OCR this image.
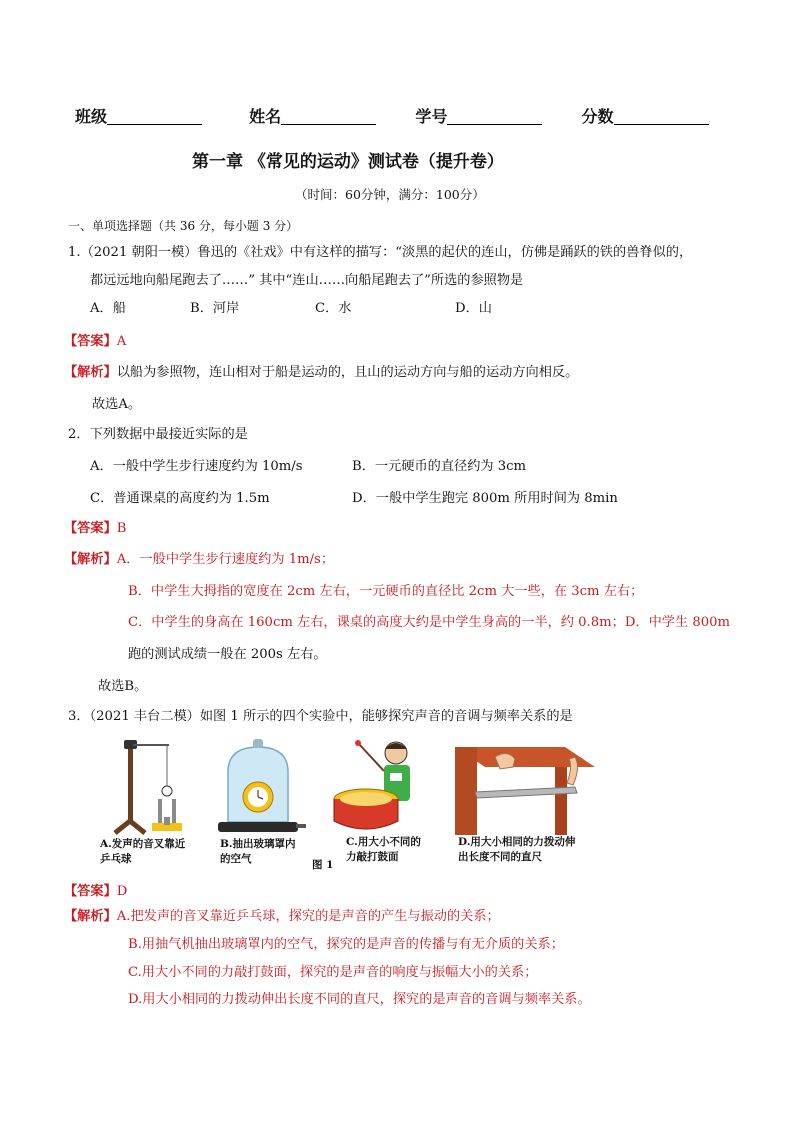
班级	姓名	学号	分数
第一章 《常见的运动》测试卷（提升卷）
（时间：60分钟，满分：100分）
一、单项选择题（共 36 分，每小题 3 分）
1.（2021 朝阳一模）鲁迅的《社戏》中有这样的描写：“淡黑的起伏的连山，仿佛是踊跃的铁的兽脊似的，
都远远地向船尾跑去了……” 其中“连山……向船尾跑去了”所选的参照物是
A．船	B．河岸	C．水	D．山
【答案】A
【解析】以船为参照物，连山相对于船是运动的，且山的运动方向与船的运动方向相反。
故选A。
2．下列数据中最接近实际的是
A．一般中学生步行速度约为 10m/s	B．一元硬币的直径约为 3cm
C．普通课桌的高度约为 1.5m	D．一般中学生跑完 800m 所用时间为 8min
【答案】B
【解析】A．一般中学生步行速度约为 1m/s；
B．中学生大拇指的宽度在 2cm 左右，一元硬币的直径比 2cm 大一些，在 3cm 左右；
C．中学生的身高在 160cm 左右，课桌的高度大约是中学生身高的一半，约 0.8m；D．中学生 800m
跑的测试成绩一般在 200s 左右。
故选B。
3．（2021 丰台二模）如图 1 所示的四个实验中，能够探究声音的音调与频率关系的是
A.发声的音叉靠近乒乓球
B.抽出玻璃罩内的空气	图 1
C.用大小不同的力敲打鼓面
D.用大小相同的力拨动伸出长度不同的直尺
【答案】D
【解析】A.把发声的音叉靠近乒乓球，探究的是声音的产生与振动的关系；
B.用抽气机抽出玻璃罩内的空气，探究的是声音的传播与有无介质的关系；
C.用大小不同的力敲打鼓面，探究的是声音的响度与振幅大小的关系；
D.用大小相同的力拨动伸出长度不同的直尺，探究的是声音的音调与频率关系。
